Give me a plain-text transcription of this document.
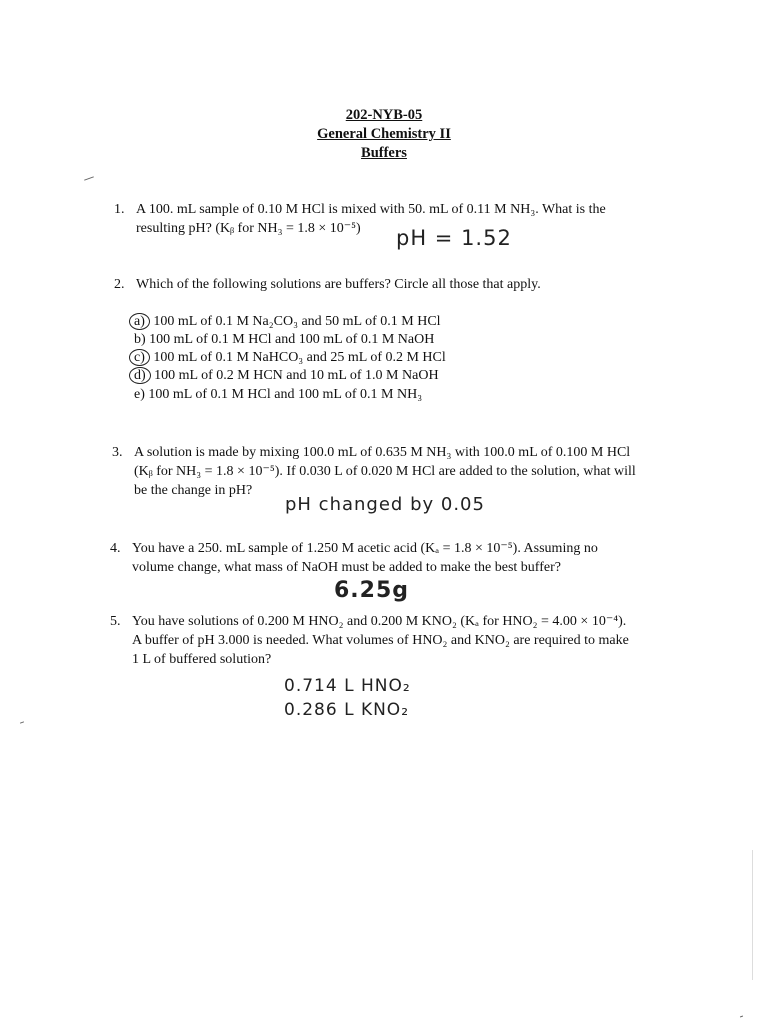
202-NYB-05
General Chemistry II
Buffers
1. A 100. mL sample of 0.10 M HCl is mixed with 50. mL of 0.11 M NH₃. What is the
resulting pH? (Kᵦ for NH₃ = 1.8 × 10⁻⁵)	pH = 1.52
2. Which of the following solutions are buffers? Circle all those that apply.
a) 100 mL of 0.1 M Na₂CO₃ and 50 mL of 0.1 M HCl
b) 100 mL of 0.1 M HCl and 100 mL of 0.1 M NaOH
c) 100 mL of 0.1 M NaHCO₃ and 25 mL of 0.2 M HCl
d) 100 mL of 0.2 M HCN and 10 mL of 1.0 M NaOH
e) 100 mL of 0.1 M HCl and 100 mL of 0.1 M NH₃
3. A solution is made by mixing 100.0 mL of 0.635 M NH₃ with 100.0 mL of 0.100 M HCl
(Kᵦ for NH₃ = 1.8 × 10⁻⁵). If 0.030 L of 0.020 M HCl are added to the solution, what will
be the change in pH?
pH changed by 0.05
4. You have a 250. mL sample of 1.250 M acetic acid (Kₐ = 1.8 × 10⁻⁵). Assuming no
volume change, what mass of NaOH must be added to make the best buffer?
6.25g
5. You have solutions of 0.200 M HNO₂ and 0.200 M KNO₂ (Kₐ for HNO₂ = 4.00 × 10⁻⁴).
A buffer of pH 3.000 is needed. What volumes of HNO₂ and KNO₂ are required to make
1 L of buffered solution?
0.714 L HNO₂
0.286 L KNO₂
